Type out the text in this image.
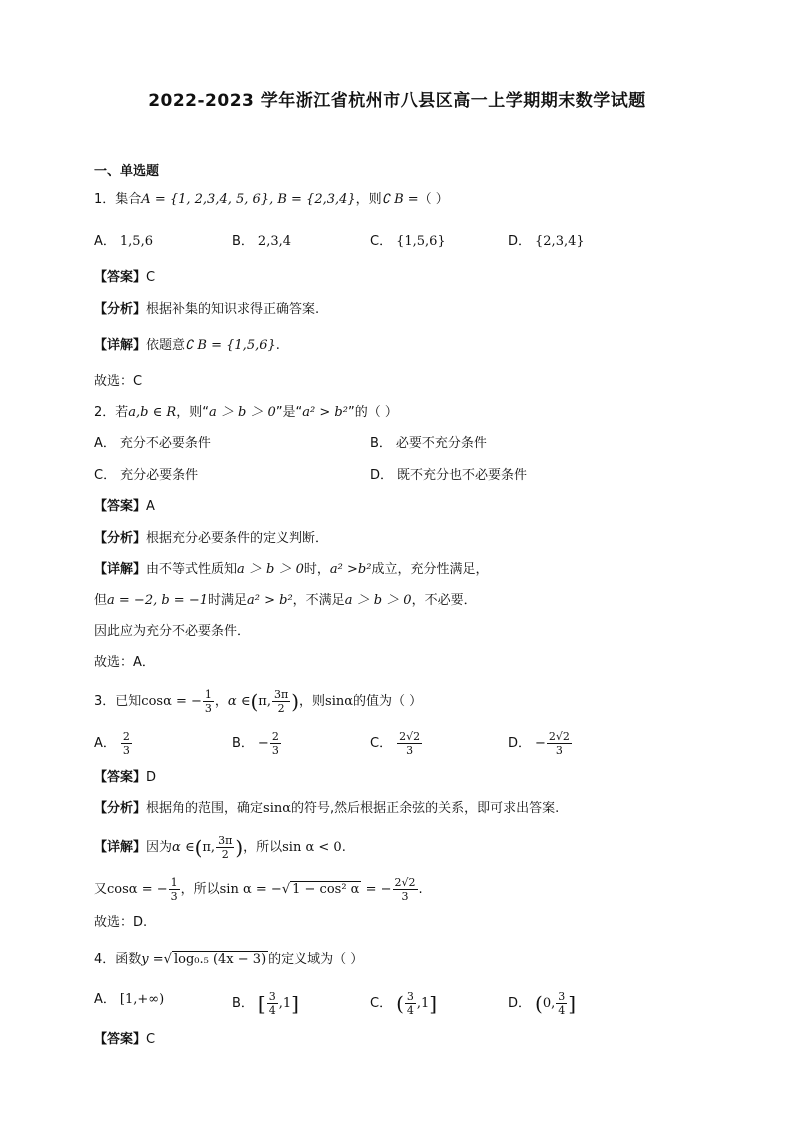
2022-2023 学年浙江省杭州市八县区高一上学期期末数学试题
一、单选题
1．集合A = {1, 2,3,4, 5, 6}, B = {2,3,4}，则∁ B =（ ）
A． 1,5,6	B． 2,3,4	C． {1,5,6}	D． {2,3,4}
【答案】C
【分析】根据补集的知识求得正确答案.
【详解】依题意∁ B = {1,5,6}.
故选：C
2．若a,b ∈ R，则“a ＞ b ＞ 0”是“a² > b²”的（ ）
A． 充分不必要条件	B． 必要不充分条件
C． 充分必要条件	D． 既不充分也不必要条件
【答案】A
【分析】根据充分必要条件的定义判断．
【详解】由不等式性质知a ＞ b ＞ 0时，a² >b²成立，充分性满足，
但a = −2, b = −1时满足a² > b²，不满足a ＞ b ＞ 0，不必要．
因此应为充分不必要条件．
故选：A．
3．已知cosα = − $\frac{1}{3}$ ，α ∈(π, $\frac{3\pi}{2}$ )，则sinα的值为（ ）
A． $\frac{2}{3}$	B． − $\frac{2}{3}$	C． $\frac{2√2}{3}$	D． − $\frac{2√2}{3}$
【答案】D
【分析】根据角的范围，确定sinα的符号,然后根据正余弦的关系，即可求出答案.
【详解】因为α ∈(π, $\frac{3\pi}{2}$ )，所以sin α < 0.
又cosα = − $\frac{1}{3}$ ，所以sin α = −√ 1 − cos² α = − $\frac{2√2}{3}$ .
故选：D.
4．函数y =√ log₀.₅ (4x − 3) 的定义域为（ ）
A． [1,+∞)	B． [ $\frac{3}{4} ,1$]	C． ( $\frac{3}{4} ,1$]	D． (0, $\frac{3}{4}$ ]
【答案】C
